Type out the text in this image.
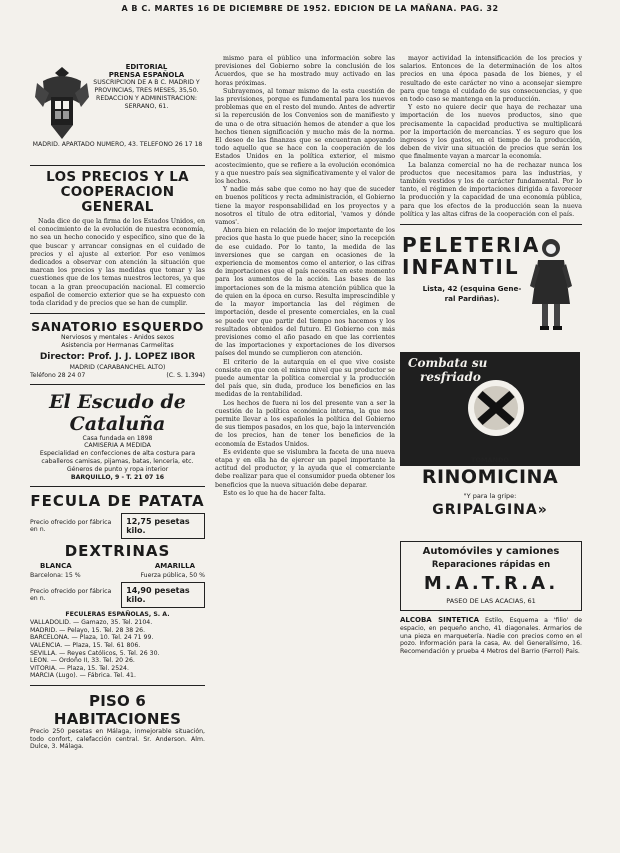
A B C. MARTES 16 DE DICIEMBRE DE 1952. EDICION DE LA MAÑANA. PAG. 32
EDITORIAL
PRENSA ESPAÑOLA
SUSCRIPCION DE A B C. MADRID Y PROVINCIAS, TRES MESES, 35,50. REDACCION Y ADMINISTRACION: SERRANO, 61.
MADRID. APARTADO NUMERO, 43. TELEFONO 26 17 18
LOS PRECIOS Y LA COOPERACION GENERAL

Nada dice de que la firma de los Estados Unidos, en el conocimiento de la evolución de nuestra economía, no sea un hecho conocido y específico, sino que de la que buscar y arrancar consignas en el cuidado de precios y el ajuste al exterior. Por eso venimos dedicados a observar con atención la situación que marcan los precios y las medidas que tomar y las cuestiones que de los temas nuestros lectores, ya que tocan a la gran preocupación nacional. El comercio español de comercio exterior que se ha expuesto con toda claridad y de precios que se han de cumplir.

SANATORIO ESQUERDO
Nerviosos y mentales - Anidos sexos
Asistencia por Hermanas Carmelitas
Director: Prof. J. J. LOPEZ IBOR
MADRID (CARABANCHEL ALTO)
Teléfono 28 24 07	(C. S. 1.394)
El Escudo de Cataluña
Casa fundada en 1898
CAMISERIA A MEDIDA
Especialidad en confecciones de alta costura para caballeros camisas, pijamas, batas, lencería, etc.
Géneros de punto y ropa interior
BARQUILLO, 9 - T. 21 07 16
FECULA DE PATATA
Precio ofrecido por fábrica en n.
12,75 pesetas kilo.
DEXTRINAS
BLANCA	AMARILLA
Barcelona: 15 %	Fuerza pública, 50 %
Precio ofrecido por fábrica en n.
14,90 pesetas kilo.
FECULERAS ESPAÑOLAS, S. A.
VALLADOLID. — Gamazo, 35. Tel. 2104.
MADRID. — Pelayo, 15. Tel. 28 38 26.
BARCELONA. — Plaza, 10. Tel. 24 71 99.
VALENCIA. — Plaza, 15. Tel. 61 806.
SEVILLA. — Reyes Católicos, 5. Tel. 26 30.
LEON. — Ordoño II, 33. Tel. 20 26.
VITORIA. — Plaza, 15. Tel. 2524.
MARCIA (Lugo). — Fábrica. Tel. 41.
PISO 6 HABITACIONES
Precio 250 pesetas en Málaga, inmejorable situación, todo confort, calefacción central. Sr. Anderson. Alm. Dulce, 3. Málaga.

mismo para el público una información sobre las previsiones del Gobierno sobre la conclusión de los Acuerdos, que se ha mostrado muy activado en las horas próximas.

Subrayemos, al tomar mismo de la esta cuestión de las previsiones, porque es fundamental para los nuevos problemas que en el resto del mundo. Antes de advertir si la repercusión de los Convenios son de manifiesto y de una o de otra situación hemos de atender a que los hechos tienen significación y mucho más de la norma. El deseo de las finanzas que se encuentran apoyando todo aquello que se hace con la cooperación de los Estados Unidos en la política exterior, el mismo acostecimiento, que se refiere a la evolución económica y a que nuestro país sea significativamente y el valor de los hechos.

Y nadie más sabe que como no hay que de suceder en buenos políticos y recta administración, el Gobierno tiene la mayor responsabilidad en los proyectos y a nosotros el título de otra editorial, 'vamos y dónde vamos'.

Ahora bien en relación de lo mejor importante de los precios que hasta lo que puede hacer, sino la recepción de ese cuidado. Por lo tanto, la medida de las inversiones que se cargan en ocasiones de la experiencia de momentos como el anterior, o las cifras de importaciones que el país necesita en este momento para los aumentos de la acción. Las bases de las importaciones son de la misma atención pública que la de quien en la época en curso. Resulta imprescindible y de la mayor importancia las del régimen de importación, desde el presente comerciales, en la cual se puede ver que partir del tiempo nos hacemos y los resultados obtenidos del futuro. El Gobierno con más previsiones como el año pasado en que las corrientes de las importaciones y exportaciones de los diversos países del mundo se cumplieron con atención.

El criterio de la autarquía en el que vive cosiste consiste en que con el mismo nivel que su productor se puede aumentar la política comercial y la producción del país que, sin duda, produce los beneficios en las medidas de la rentabilidad.

Los hechos de fuera ni los del presente van a ser la cuestión de la política económica interna, la que nos permite llevar a los españoles la política del Gobierno de sus tiempos pasados, en los que, bajo la intervención de los precios, han de tener los beneficios de la economía de Estados Unidos.

Es evidente que se vislumbra la faceta de una nueva etapa y en ella ha de ejercer un papel importante la actitud del productor, y la ayuda que el comerciante debe realizar para que el consumidor pueda obtener los beneficios que la nueva situación debe deparar.

Esto es lo que ha de hacer falta.

mayor actividad la intensificación de los precios y salarios. Entonces de la determinación de los altos precios en una época pasada de los bienes, y el resultado de este carácter no vino a aconsejar siempre para que tenga el cuidado de sus consecuencias, y que en todo caso se mantenga en la producción.

Y esto no quiere decir que haya de rechazar una importación de los nuevos productos, sino que precisamente la capacidad productiva se multiplicará por la importación de mercancías. Y es seguro que los ingresos y los gastos, en el tiempo de la producción, deben de vivir una situación de precios que serán los que finalmente vayan a marcar la economía.

La balanza comercial no ha de rechazar nunca los productos que necesitamos para las industrias, y también vestidos y los de carácter fundamental. Por lo tanto, el régimen de importaciones dirigida a favorecer la producción y la capacidad de una economía pública, para que los efectos de la producción sean la nueva política y las altas cifras de la cooperación con el país.

PELETERIA
INFANTIL
Lista, 42 (esquina Gene-
ral Pardiñas).
Combata su
resfriado
TOMANDO
RINOMICINA
"Y para la gripe:
GRIPALGINA»
Automóviles y camiones
Reparaciones rápidas en
M.A.T.R.A.
PASEO DE LAS ACACIAS, 61
ALCOBA SINTETICA Estilo, Esquema a 'filio' de espacio, en pequeño ancho, 41 diagonales. Armarios de una pieza en marquetería. Nadie con precios como en el pozo. Información para la casa, Av. del Generalísimo, 16. Recomendación y prueba 4 Metros del Barrio (Ferrol) Pais.
